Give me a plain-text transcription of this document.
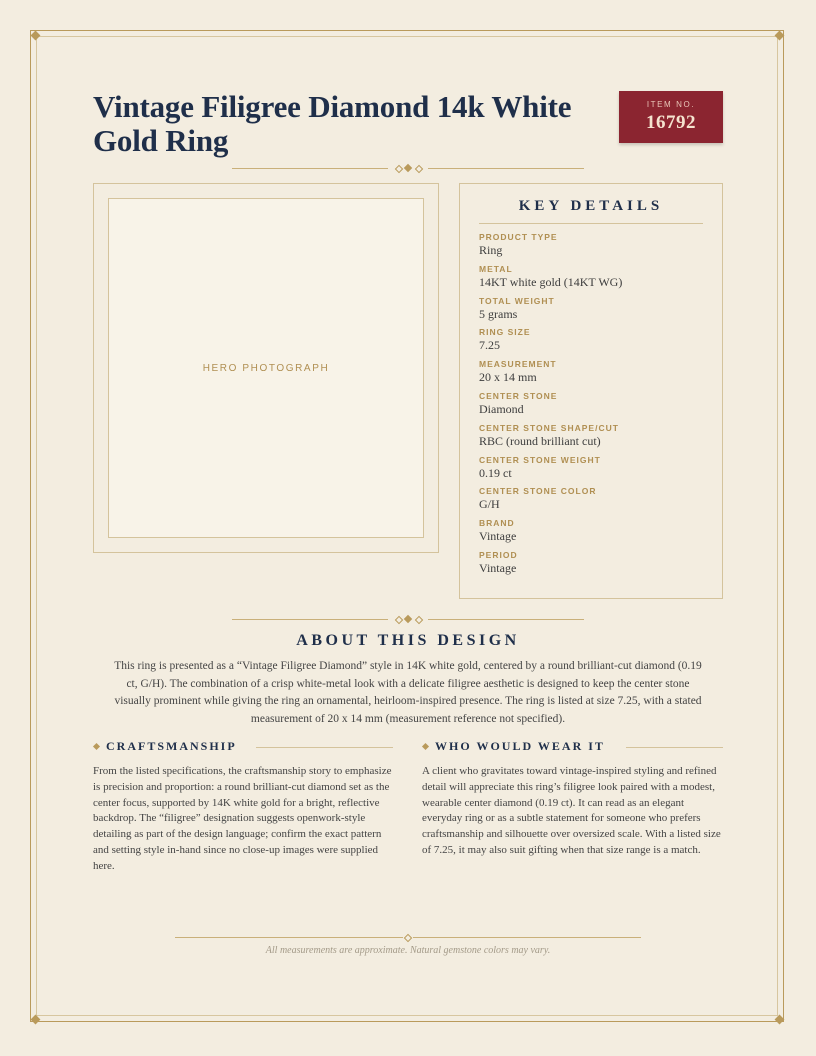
Vintage Filigree Diamond 14k White Gold Ring
ITEM NO.
16792
HERO PHOTOGRAPH
KEY DETAILS
PRODUCT TYPE
Ring
METAL
14KT white gold (14KT WG)
TOTAL WEIGHT
5 grams
RING SIZE
7.25
MEASUREMENT
20 x 14 mm
CENTER STONE
Diamond
CENTER STONE SHAPE/CUT
RBC (round brilliant cut)
CENTER STONE WEIGHT
0.19 ct
CENTER STONE COLOR
G/H
BRAND
Vintage
PERIOD
Vintage
ABOUT THIS DESIGN
This ring is presented as a “Vintage Filigree Diamond” style in 14K white gold, centered by a round brilliant-cut diamond (0.19 ct, G/H). The combination of a crisp white-metal look with a delicate filigree aesthetic is designed to keep the center stone visually prominent while giving the ring an ornamental, heirloom-inspired presence. The ring is listed at size 7.25, with a stated measurement of 20 x 14 mm (measurement reference not specified).
CRAFTSMANSHIP
From the listed specifications, the craftsmanship story to emphasize is precision and proportion: a round brilliant-cut diamond set as the center focus, supported by 14K white gold for a bright, reflective backdrop. The “filigree” designation suggests openwork-style detailing as part of the design language; confirm the exact pattern and setting style in-hand since no close-up images were supplied here.
WHO WOULD WEAR IT
A client who gravitates toward vintage-inspired styling and refined detail will appreciate this ring’s filigree look paired with a modest, wearable center diamond (0.19 ct). It can read as an elegant everyday ring or as a subtle statement for someone who prefers craftsmanship and silhouette over oversized scale. With a listed size of 7.25, it may also suit gifting when that size range is a match.
All measurements are approximate. Natural gemstone colors may vary.
